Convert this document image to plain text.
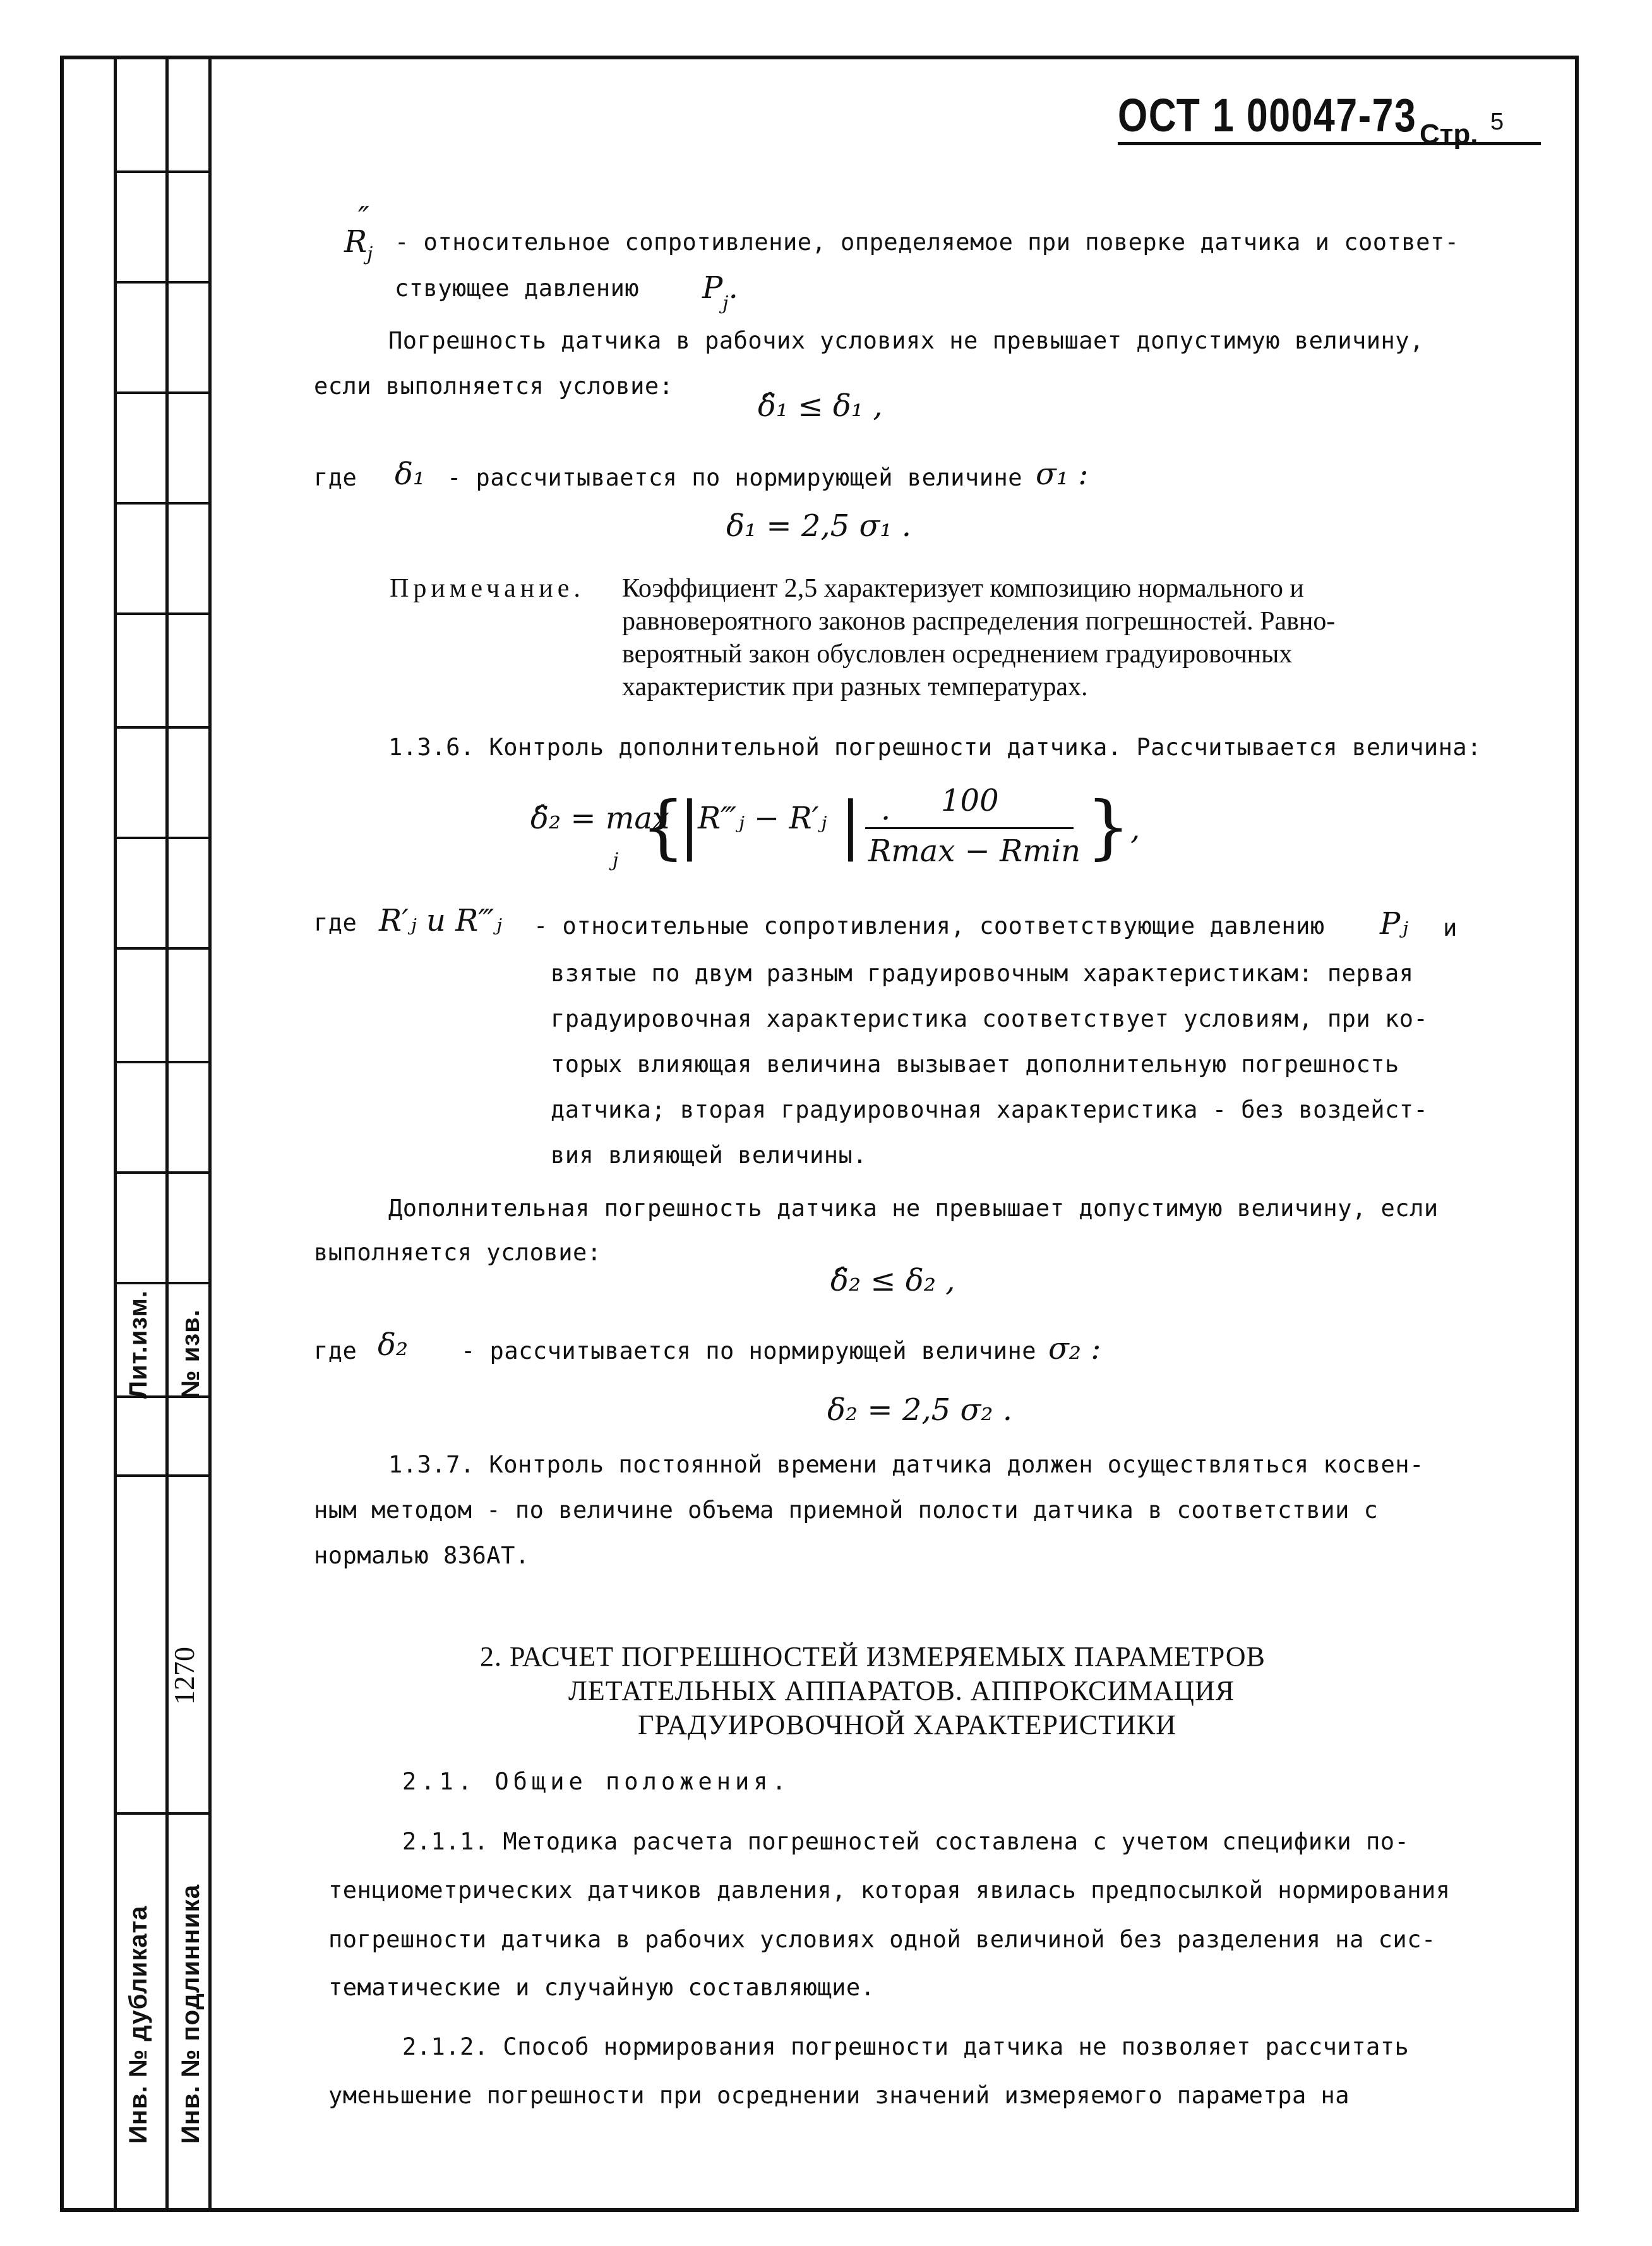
Лит.изм. № изв.
1270
Инв. № дубликата Инв. № подлинника
ОСТ 1 00047-73 Стр. 5
R
″
j - относительное сопротивление, определяемое при поверке датчика и соответ-
ствующее давлению $P_j$.
Погрешность датчика в рабочих условиях не превышает допустимую величину,
если выполняется условие:
δ̂₁ ≤ δ₁ ,
где δ₁ - рассчитывается по нормирующей величине σ₁ :
δ₁ = 2,5 σ₁ .
Примечание. Коэффициент 2,5 характеризует композицию нормального и
равновероятного законов распределения погрешностей. Равно-
вероятный закон обусловлен осреднением градуировочных
характеристик при разных температурах.
1.3.6. Контроль дополнительной погрешности датчика. Рассчитывается величина:
δ̂₂ = max
j {
|
R‴ⱼ − R′ⱼ | · 100
Rmax − Rmin } ,
где R′ⱼ и R‴ⱼ - относительные сопротивления, соответствующие давлению Pⱼ и
взятые по двум разным градуировочным характеристикам: первая
градуировочная характеристика соответствует условиям, при ко-
торых влияющая величина вызывает дополнительную погрешность
датчика; вторая градуировочная характеристика - без воздейст-
вия влияющей величины.
Дополнительная погрешность датчика не превышает допустимую величину, если
выполняется условие:
δ̂₂ ≤ δ₂ ,
где δ₂ - рассчитывается по нормирующей величине σ₂ :
δ₂ = 2,5 σ₂ .
1.3.7. Контроль постоянной времени датчика должен осуществляться косвен-
ным методом - по величине объема приемной полости датчика в соответствии с
нормалью 836АТ.
2. РАСЧЕТ ПОГРЕШНОСТЕЙ ИЗМЕРЯЕМЫХ ПАРАМЕТРОВ
ЛЕТАТЕЛЬНЫХ АППАРАТОВ. АППРОКСИМАЦИЯ
ГРАДУИРОВОЧНОЙ ХАРАКТЕРИСТИКИ
2.1. Общие положения.
2.1.1. Методика расчета погрешностей составлена с учетом специфики по-
тенциометрических датчиков давления, которая явилась предпосылкой нормирования
погрешности датчика в рабочих условиях одной величиной без разделения на сис-
тематические и случайную составляющие.
2.1.2. Способ нормирования погрешности датчика не позволяет рассчитать
уменьшение погрешности при осреднении значений измеряемого параметра на
